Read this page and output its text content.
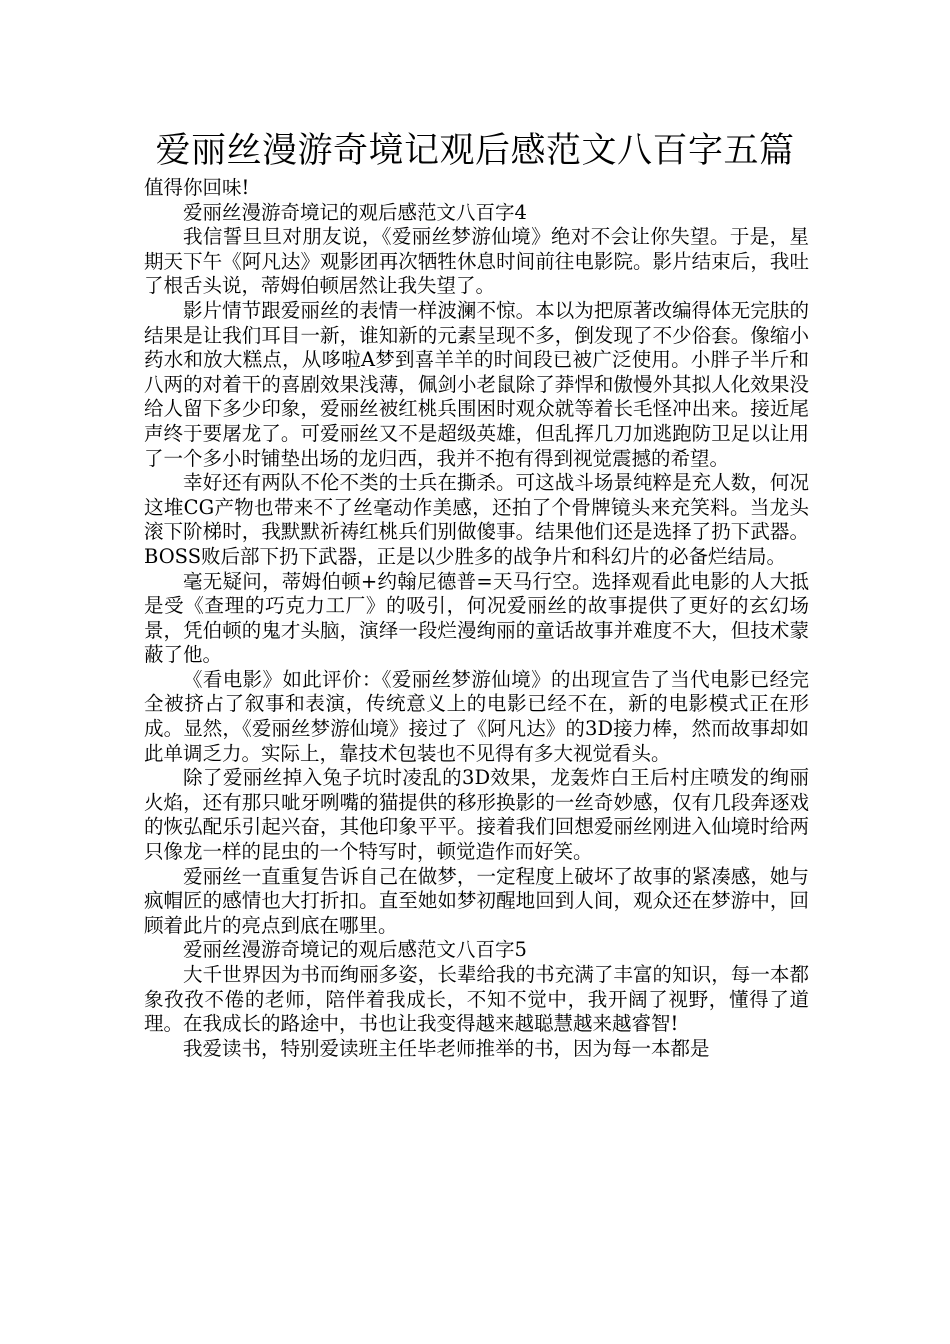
爱丽丝漫游奇境记观后感范文八百字五篇

值得你回味!

爱丽丝漫游奇境记的观后感范文八百字4

我信誓旦旦对朋友说，《爱丽丝梦游仙境》绝对不会让你失望。于是，星期天下午《阿凡达》观影团再次牺牲休息时间前往电影院。影片结束后，我吐了根舌头说，蒂姆伯顿居然让我失望了。

影片情节跟爱丽丝的表情一样波澜不惊。本以为把原著改编得体无完肤的结果是让我们耳目一新，谁知新的元素呈现不多，倒发现了不少俗套。像缩小药水和放大糕点，从哆啦A梦到喜羊羊的时间段已被广泛使用。小胖子半斤和八两的对着干的喜剧效果浅薄，佩剑小老鼠除了莽悍和傲慢外其拟人化效果没给人留下多少印象，爱丽丝被红桃兵围困时观众就等着长毛怪冲出来。接近尾声终于要屠龙了。可爱丽丝又不是超级英雄，但乱挥几刀加逃跑防卫足以让用了一个多小时铺垫出场的龙归西，我并不抱有得到视觉震撼的希望。

幸好还有两队不伦不类的士兵在撕杀。可这战斗场景纯粹是充人数，何况这堆CG产物也带来不了丝毫动作美感，还拍了个骨牌镜头来充笑料。当龙头滚下阶梯时，我默默祈祷红桃兵们别做傻事。结果他们还是选择了扔下武器。BOSS败后部下扔下武器，正是以少胜多的战争片和科幻片的必备烂结局。

毫无疑问，蒂姆伯顿+约翰尼德普=天马行空。选择观看此电影的人大抵是受《查理的巧克力工厂》的吸引，何况爱丽丝的故事提供了更好的玄幻场景，凭伯顿的鬼才头脑，演绎一段烂漫绚丽的童话故事并难度不大，但技术蒙蔽了他。

《看电影》如此评价：《爱丽丝梦游仙境》的出现宣告了当代电影已经完全被挤占了叙事和表演，传统意义上的电影已经不在，新的电影模式正在形成。显然，《爱丽丝梦游仙境》接过了《阿凡达》的3D接力棒，然而故事却如此单调乏力。实际上，靠技术包装也不见得有多大视觉看头。

除了爱丽丝掉入兔子坑时凌乱的3D效果，龙轰炸白王后村庄喷发的绚丽火焰，还有那只呲牙咧嘴的猫提供的移形换影的一丝奇妙感，仅有几段奔逐戏的恢弘配乐引起兴奋，其他印象平平。接着我们回想爱丽丝刚进入仙境时给两只像龙一样的昆虫的一个特写时，顿觉造作而好笑。

爱丽丝一直重复告诉自己在做梦，一定程度上破坏了故事的紧凑感，她与疯帽匠的感情也大打折扣。直至她如梦初醒地回到人间，观众还在梦游中，回顾着此片的亮点到底在哪里。

爱丽丝漫游奇境记的观后感范文八百字5

大千世界因为书而绚丽多姿，长辈给我的书充满了丰富的知识，每一本都象孜孜不倦的老师，陪伴着我成长，不知不觉中，我开阔了视野，懂得了道理。在我成长的路途中，书也让我变得越来越聪慧越来越睿智!

我爱读书，特别爱读班主任毕老师推举的书，因为每一本都是
